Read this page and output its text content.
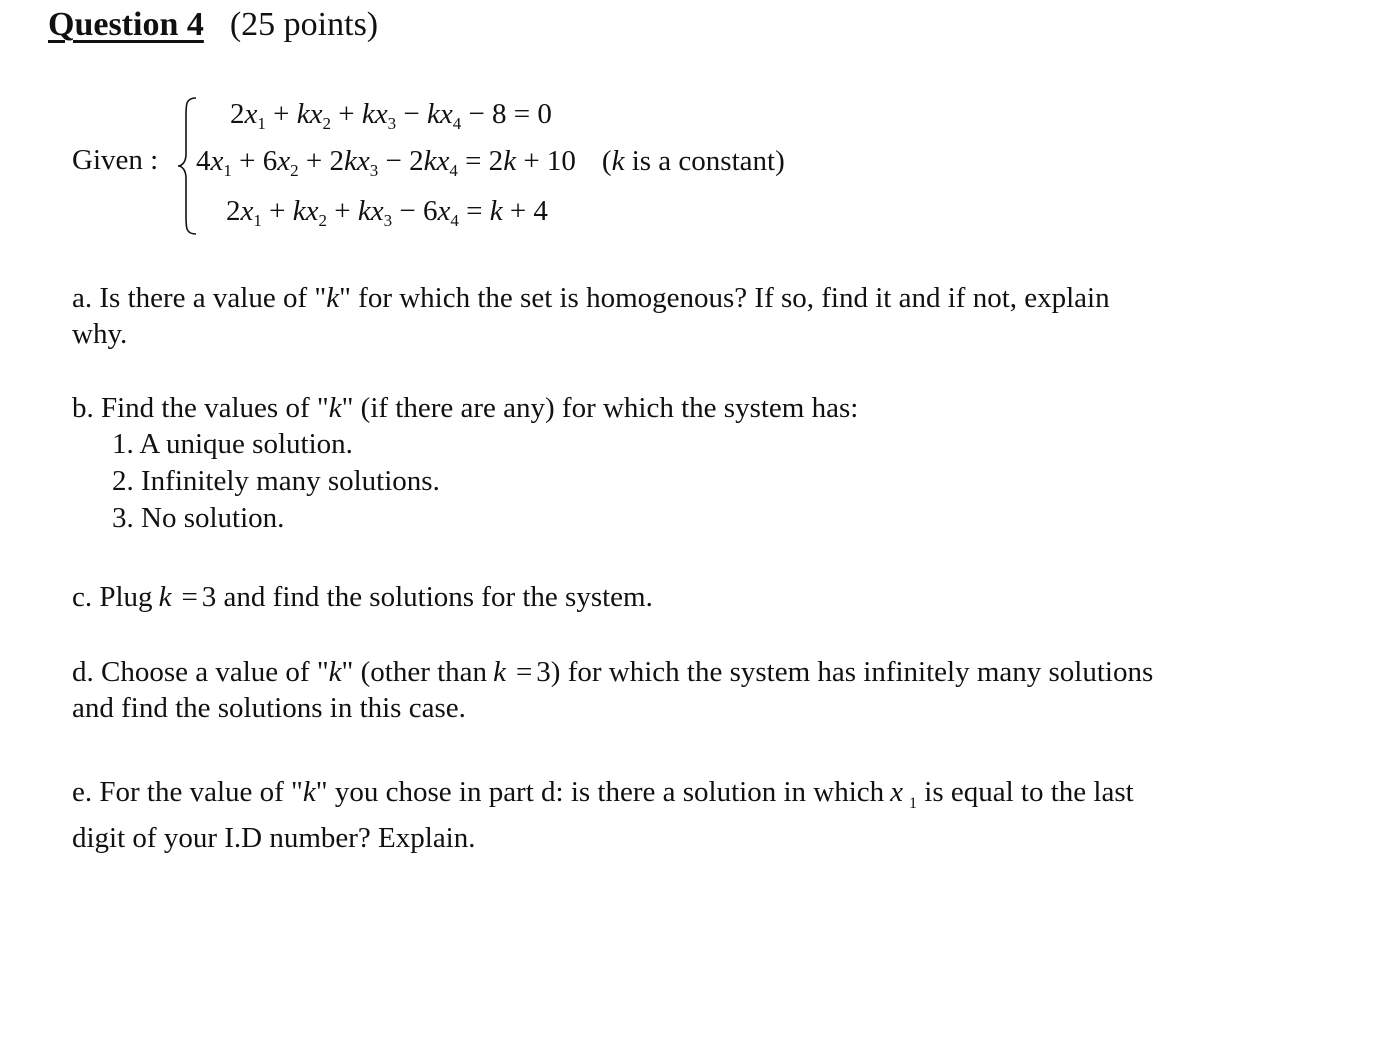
Question 4 (25 points)
Given :
$2x_1 + kx_2 + kx_3 - kx_4 - 8 = 0$
$4x_1 + 6x_2 + 2kx_3 - 2kx_4 = 2k + 10$ (k is a constant)
$2x_1 + kx_2 + kx_3 - 6x_4 = k + 4$
a. Is there a value of "k" for which the set is homogenous? If so, find it and if not, explain
why.
b. Find the values of "k" (if there are any) for which the system has:
1. A unique solution.
2. Infinitely many solutions.
3. No solution.
c. Plug k = 3 and find the solutions for the system.
d. Choose a value of "k" (other than k = 3) for which the system has infinitely many solutions
and find the solutions in this case.
e. For the value of "k" you chose in part d: is there a solution in which x $_1$ is equal to the last
digit of your I.D number? Explain.
